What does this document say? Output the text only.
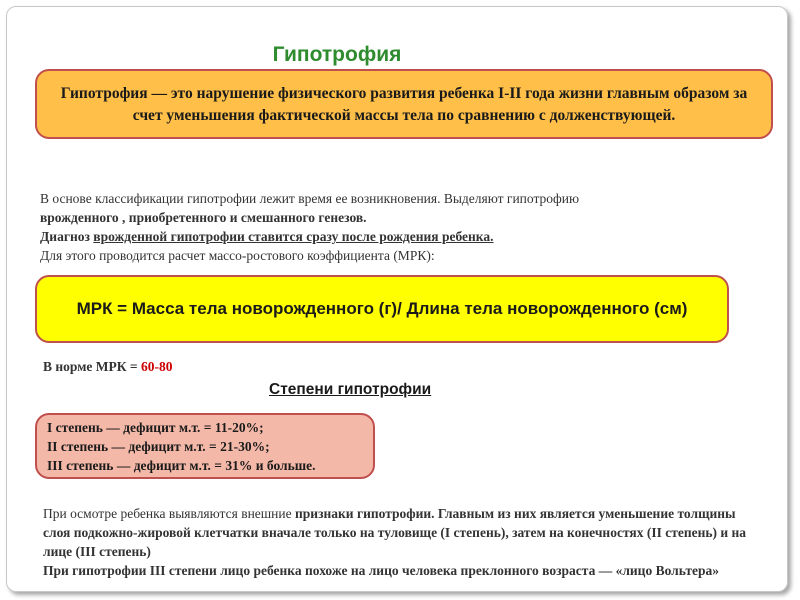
Гипотрофия
Гипотрофия — это нарушение физического развития ребенка I-II года жизни главным образом за счет уменьшения фактической массы тела по сравнению с долженствующей.
В основе классификации гипотрофии лежит время ее возникновения. Выделяют гипотрофию
врожденного , приобретенного и смешанного генезов.
Диагноз врожденной гипотрофии ставится сразу после рождения ребенка.
Для этого проводится расчет массо-ростового коэффициента (МРК):
МРК = Масса тела новорожденного (г)/ Длина тела новорожденного (см)
В норме МРК = 60-80
Степени гипотрофии
I степень — дефицит м.т. = 11-20%;
II степень — дефицит м.т. = 21-30%;
III степень — дефицит м.т. = 31% и больше.
При осмотре ребенка выявляются внешние признаки гипотрофии. Главным из них является уменьшение толщины слоя подкожно-жировой клетчатки вначале только на туловище (I степень), затем на конечностях (II степень) и на лице (III степень)
При гипотрофии III степени лицо ребенка похоже на лицо человека преклонного возраста — «лицо Вольтера»
